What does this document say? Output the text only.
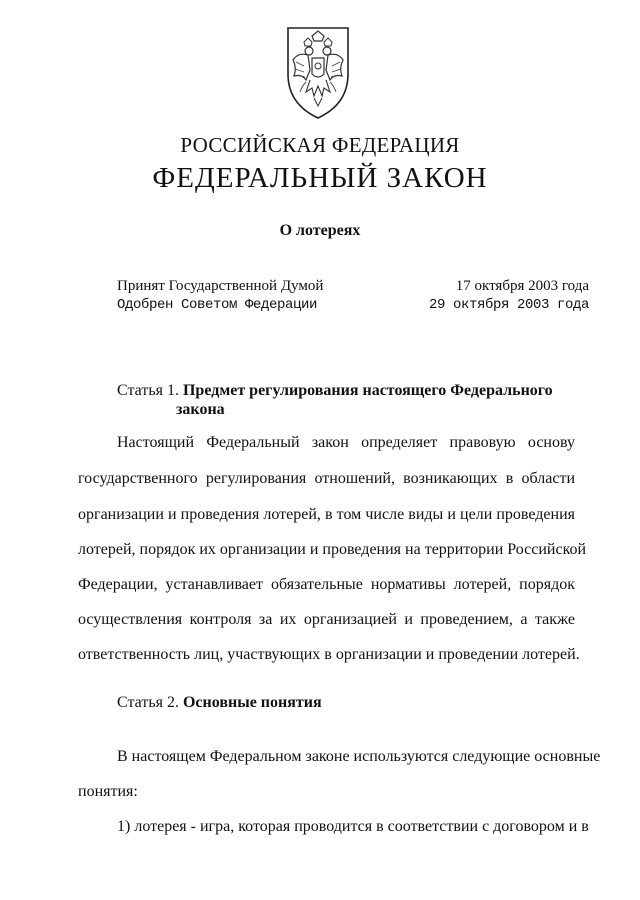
РОССИЙСКАЯ ФЕДЕРАЦИЯ
ФЕДЕРАЛЬНЫЙ ЗАКОН
О лотереях
Принят Государственной Думой	17 октября 2003 года
Одобрен Советом Федерации	29 октября 2003 года
Статья 1. Предмет регулирования настоящего Федерального
закона
Настоящий Федеральный закон определяет правовую основу
государственного регулирования отношений, возникающих в области
организации и проведения лотерей, в том числе виды и цели проведения
лотерей, порядок их организации и проведения на территории Российской
Федерации, устанавливает обязательные нормативы лотерей, порядок
осуществления контроля за их организацией и проведением, а также
ответственность лиц, участвующих в организации и проведении лотерей.
Статья 2. Основные понятия
В настоящем Федеральном законе используются следующие основные
понятия:
1) лотерея - игра, которая проводится в соответствии с договором и в
